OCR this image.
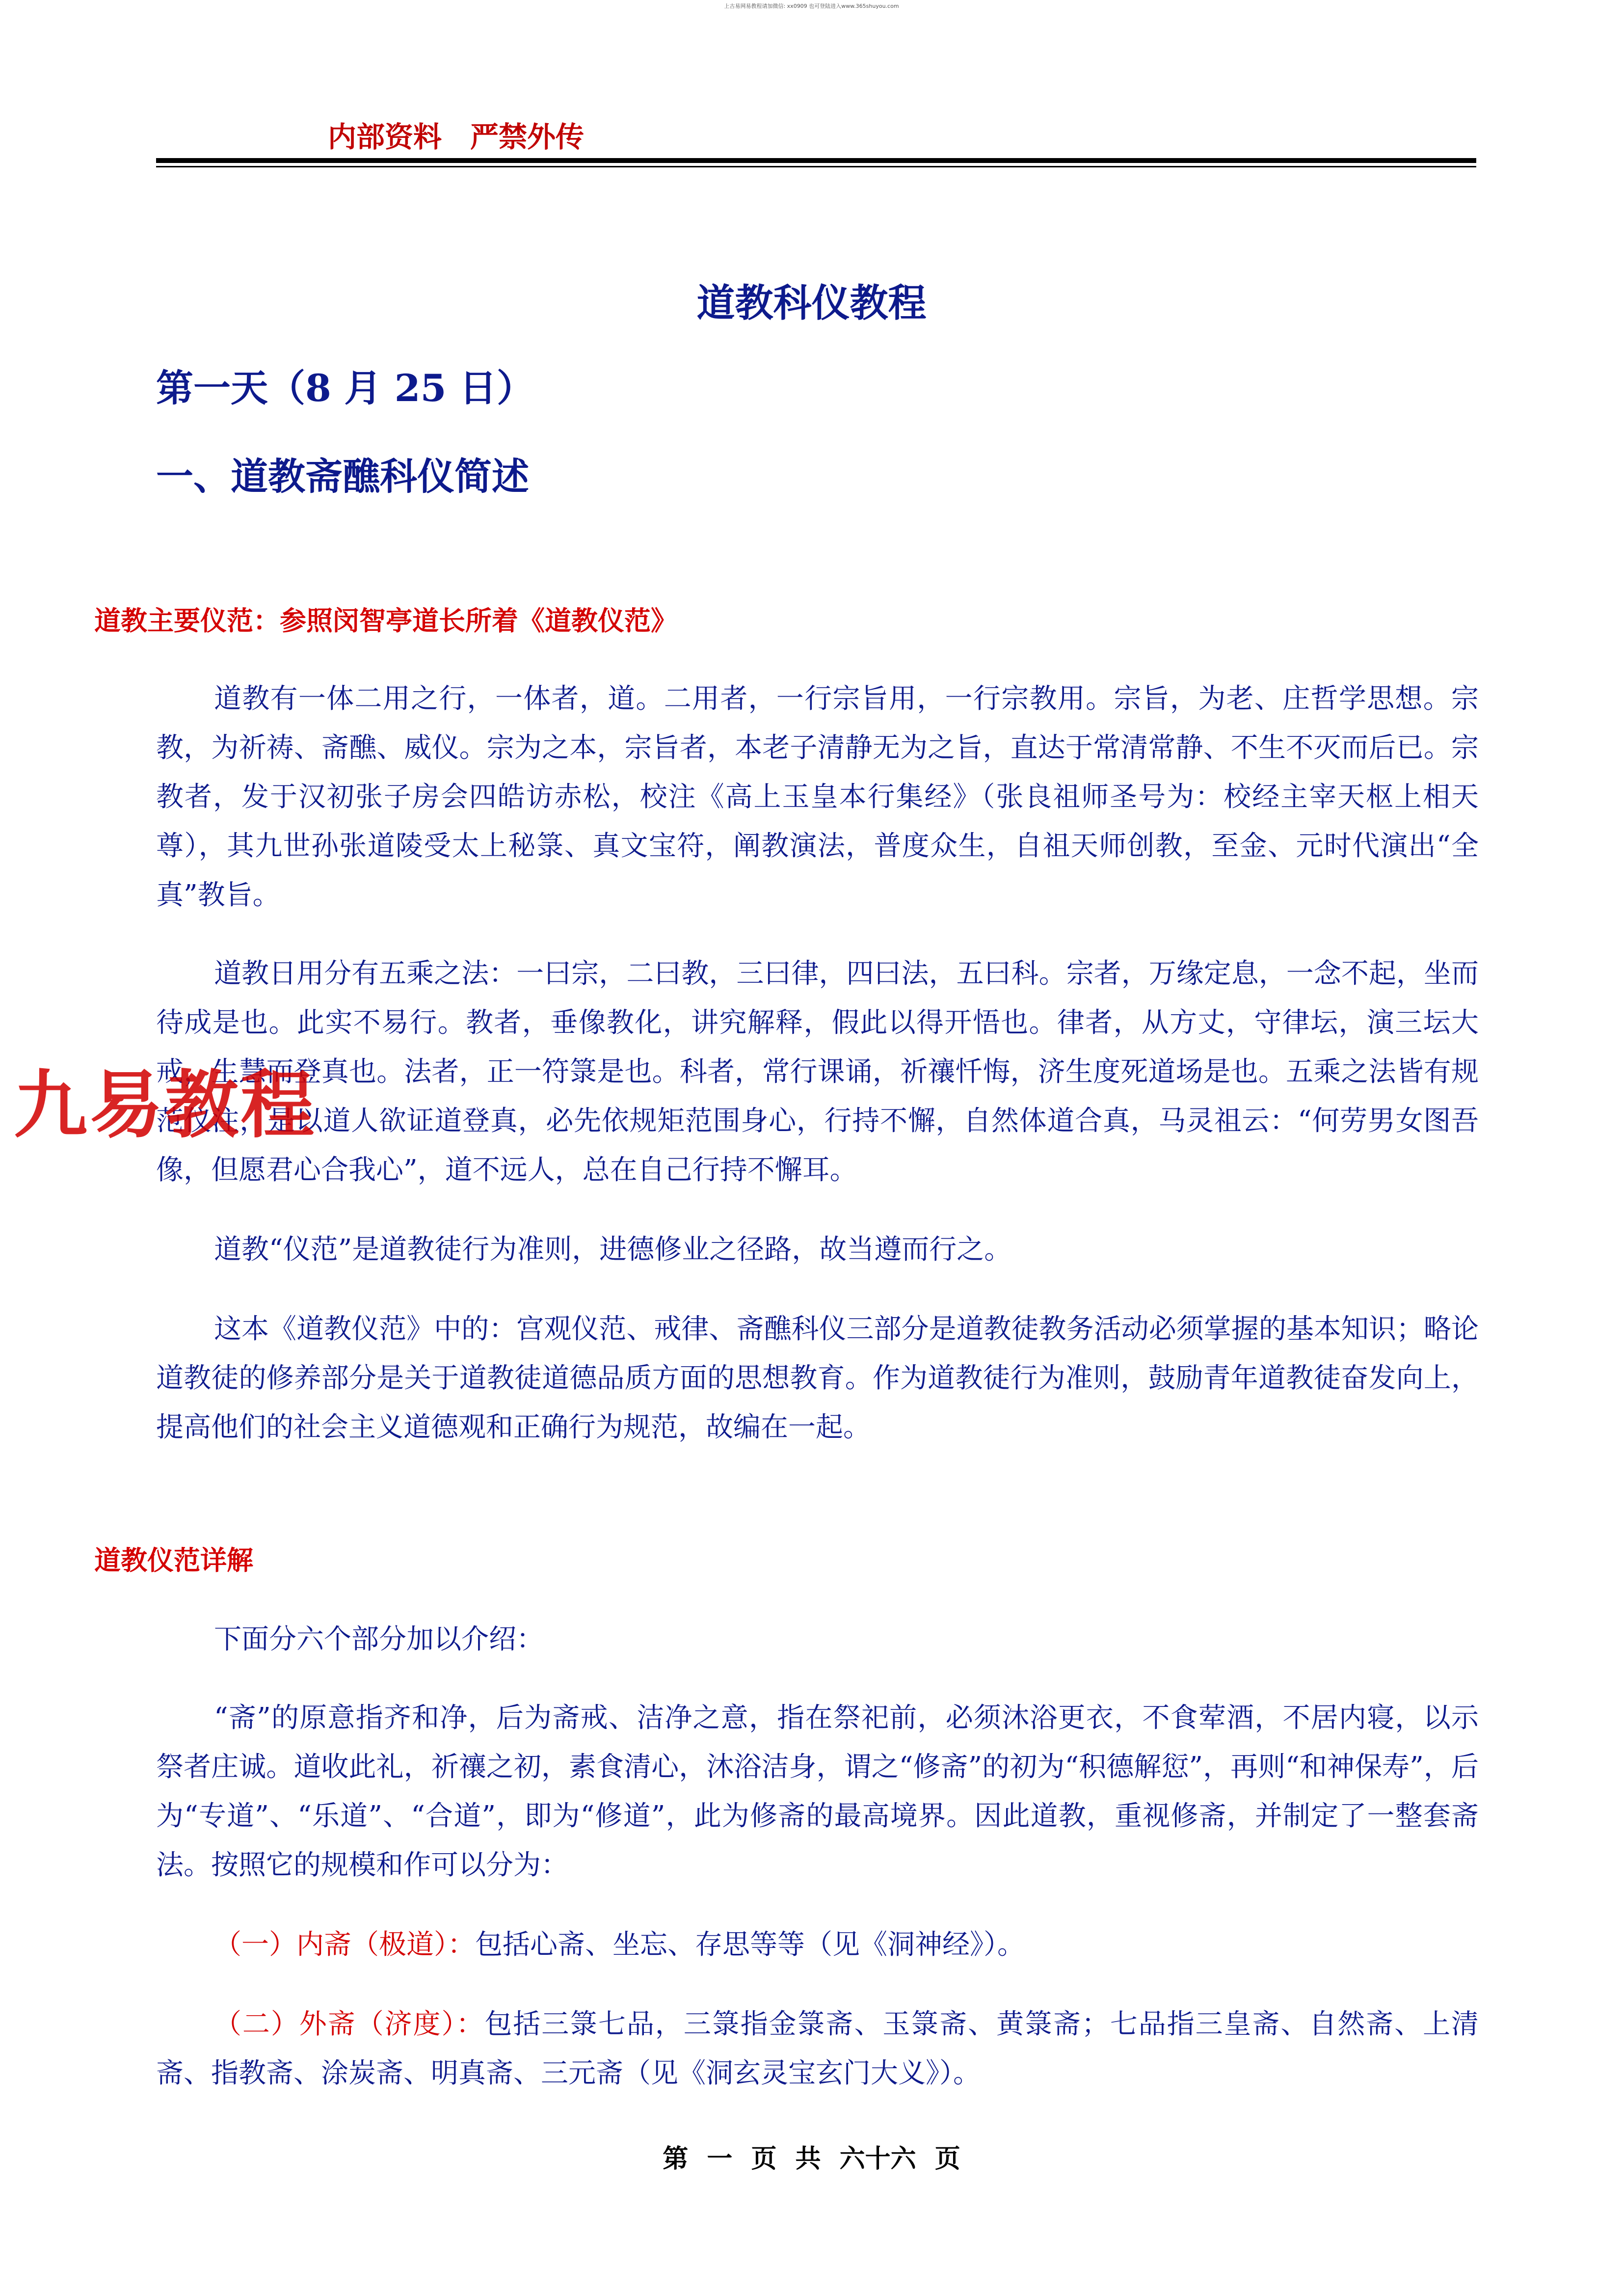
上古易网易教程请加微信: xx0909 也可登陆进入www.365shuyou.com
内部资料　严禁外传
道教科仪教程
第一天（8 月 25 日）
一、道教斋醮科仪简述
道教主要仪范：参照闵智亭道长所着《道教仪范》

道教有一体二用之行，一体者，道。二用者，一行宗旨用，一行宗教用。宗旨，为老、庄哲学思想。宗教，为祈祷、斋醮、威仪。宗为之本，宗旨者，本老子清静无为之旨，直达于常清常静、不生不灭而后已。宗教者，发于汉初张子房会四皓访赤松，校注《高上玉皇本行集经》（张良祖师圣号为：校经主宰天枢上相天尊），其九世孙张道陵受太上秘箓、真文宝符，阐教演法，普度众生，自祖天师创教，至金、元时代演出“全真”教旨。

道教日用分有五乘之法：一曰宗，二曰教，三曰律，四曰法，五曰科。宗者，万缘定息，一念不起，坐而待成是也。此实不易行。教者，垂像教化，讲究解释，假此以得开悟也。律者，从方丈，守律坛，演三坛大戒，生慧而登真也。法者，正一符箓是也。科者，常行课诵，祈禳忏悔，济生度死道场是也。五乘之法皆有规范仪注，是以道人欲证道登真，必先依规矩范围身心，行持不懈，自然体道合真，马灵祖云：“何劳男女图吾像，但愿君心合我心”，道不远人，总在自己行持不懈耳。

道教“仪范”是道教徒行为准则，进德修业之径路，故当遵而行之。

这本《道教仪范》中的：宫观仪范、戒律、斋醮科仪三部分是道教徒教务活动必须掌握的基本知识；略论道教徒的修养部分是关于道教徒道德品质方面的思想教育。作为道教徒行为准则，鼓励青年道教徒奋发向上，提高他们的社会主义道德观和正确行为规范，故编在一起。

道教仪范详解

下面分六个部分加以介绍：

“斋”的原意指齐和净，后为斋戒、洁净之意，指在祭祀前，必须沐浴更衣，不食荤酒，不居内寝，以示祭者庄诚。道收此礼，祈禳之初，素食清心，沐浴洁身，谓之“修斋”的初为“积德解愆”，再则“和神保寿”，后为“专道”、“乐道”、“合道”，即为“修道”，此为修斋的最高境界。因此道教，重视修斋，并制定了一整套斋法。按照它的规模和作可以分为：

（一）内斋（极道）：包括心斋、坐忘、存思等等（见《洞神经》）。

（二）外斋（济度）：包括三箓七品，三箓指金箓斋、玉箓斋、黄箓斋；七品指三皇斋、自然斋、上清斋、指教斋、涂炭斋、明真斋、三元斋（见《洞玄灵宝玄门大义》）。

九易教程
第 一 页 共 六十六 页
